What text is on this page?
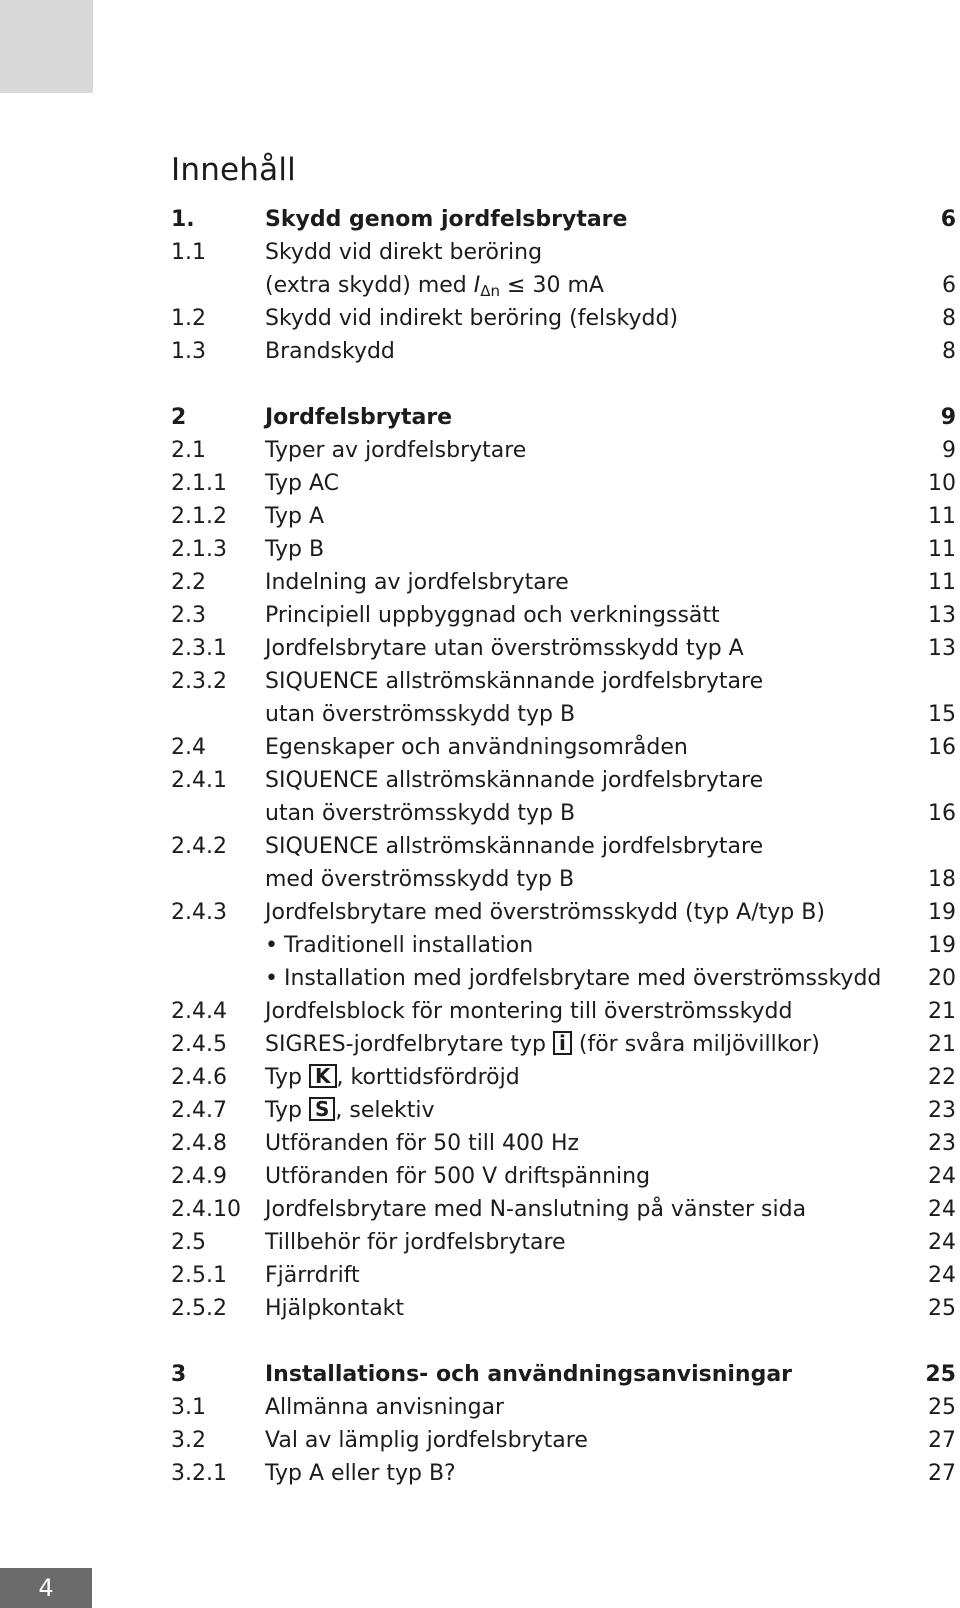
Innehåll
1.	Skydd genom jordfelsbrytare	6
1.1	Skydd vid direkt beröring
(extra skydd) med IΔn ≤ 30 mA	6
1.2	Skydd vid indirekt beröring (felskydd)	8
1.3	Brandskydd	8
2	Jordfelsbrytare	9
2.1	Typer av jordfelsbrytare	9
2.1.1 Typ AC	10
2.1.2 Typ A	11
2.1.3 Typ B	11
2.2	Indelning av jordfelsbrytare	11
2.3	Principiell uppbyggnad och verkningssätt	13
2.3.1 Jordfelsbrytare utan överströmsskydd typ A	13
2.3.2 SIQUENCE allströmskännande jordfelsbrytare
utan överströmsskydd typ B	15
2.4	Egenskaper och användningsområden	16
2.4.1 SIQUENCE allströmskännande jordfelsbrytare
utan överströmsskydd typ B	16
2.4.2 SIQUENCE allströmskännande jordfelsbrytare
med överströmsskydd typ B	18
2.4.3 Jordfelsbrytare med överströmsskydd (typ A/typ B)	19
• Traditionell installation	19
• Installation med jordfelsbrytare med överströmsskydd 20
2.4.4 Jordfelsblock för montering till överströmsskydd	21
2.4.5 SIGRES-jordfelbrytare typ i (för svåra miljövillkor)	21
2.4.6 Typ K , korttidsfördröjd	22
2.4.7 Typ S , selektiv	23
2.4.8 Utföranden för 50 till 400 Hz	23
2.4.9 Utföranden för 500 V driftspänning	24
2.4.10 Jordfelsbrytare med N-anslutning på vänster sida	24
2.5	Tillbehör för jordfelsbrytare	24
2.5.1 Fjärrdrift	24
2.5.2 Hjälpkontakt	25
3	Installations- och användningsanvisningar	25
3.1	Allmänna anvisningar	25
3.2	Val av lämplig jordfelsbrytare	27
3.2.1 Typ A eller typ B?	27
4
